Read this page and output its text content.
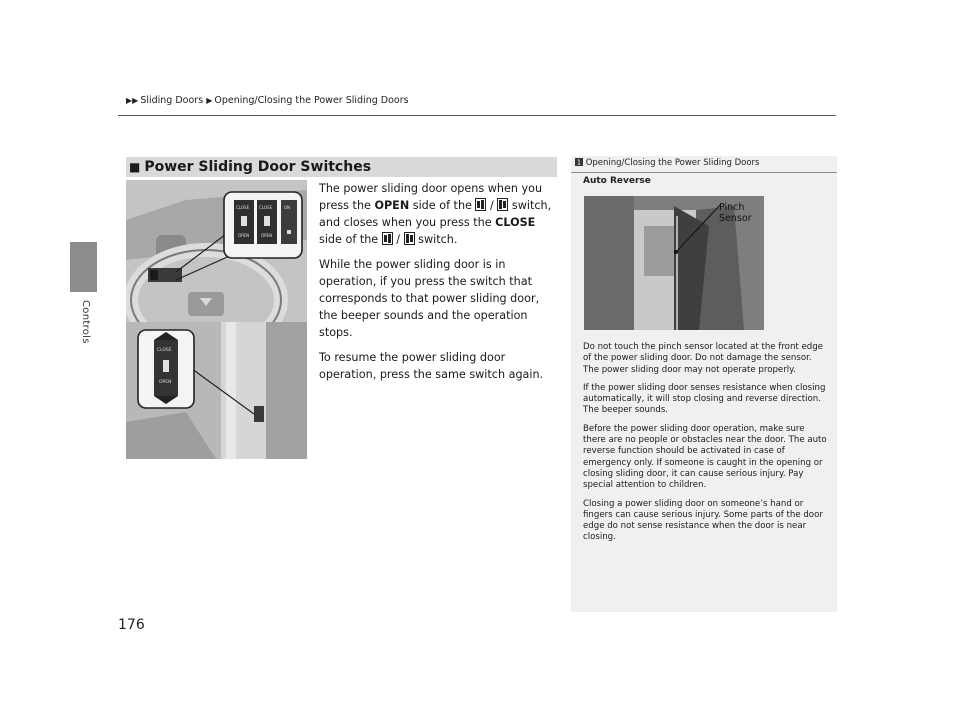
Controls
▶▶ Sliding Doors ▶ Opening/Closing the Power Sliding Doors
■ Power Sliding Door Switches
CLOSE CLOSE
OPEN	OPEN
ON
CLOSE
OPEN

The power sliding door opens when you press the OPEN side of the  /  switch, and closes when you press the CLOSE side of the  /  switch.

While the power sliding door is in operation, if you press the switch that corresponds to that power sliding door, the beeper sounds and the operation stops.

To resume the power sliding door operation, press the same switch again.

1 Opening/Closing the Power Sliding Doors
Auto Reverse
Pinch
Sensor

Do not touch the pinch sensor located at the front edge of the power sliding door. Do not damage the sensor. The power sliding door may not operate properly.

If the power sliding door senses resistance when closing automatically, it will stop closing and reverse direction. The beeper sounds.

Before the power sliding door operation, make sure there are no people or obstacles near the door. The auto reverse function should be activated in case of emergency only. If someone is caught in the opening or closing sliding door, it can cause serious injury. Pay special attention to children.

Closing a power sliding door on someone’s hand or fingers can cause serious injury. Some parts of the door edge do not sense resistance when the door is near closing.

176
